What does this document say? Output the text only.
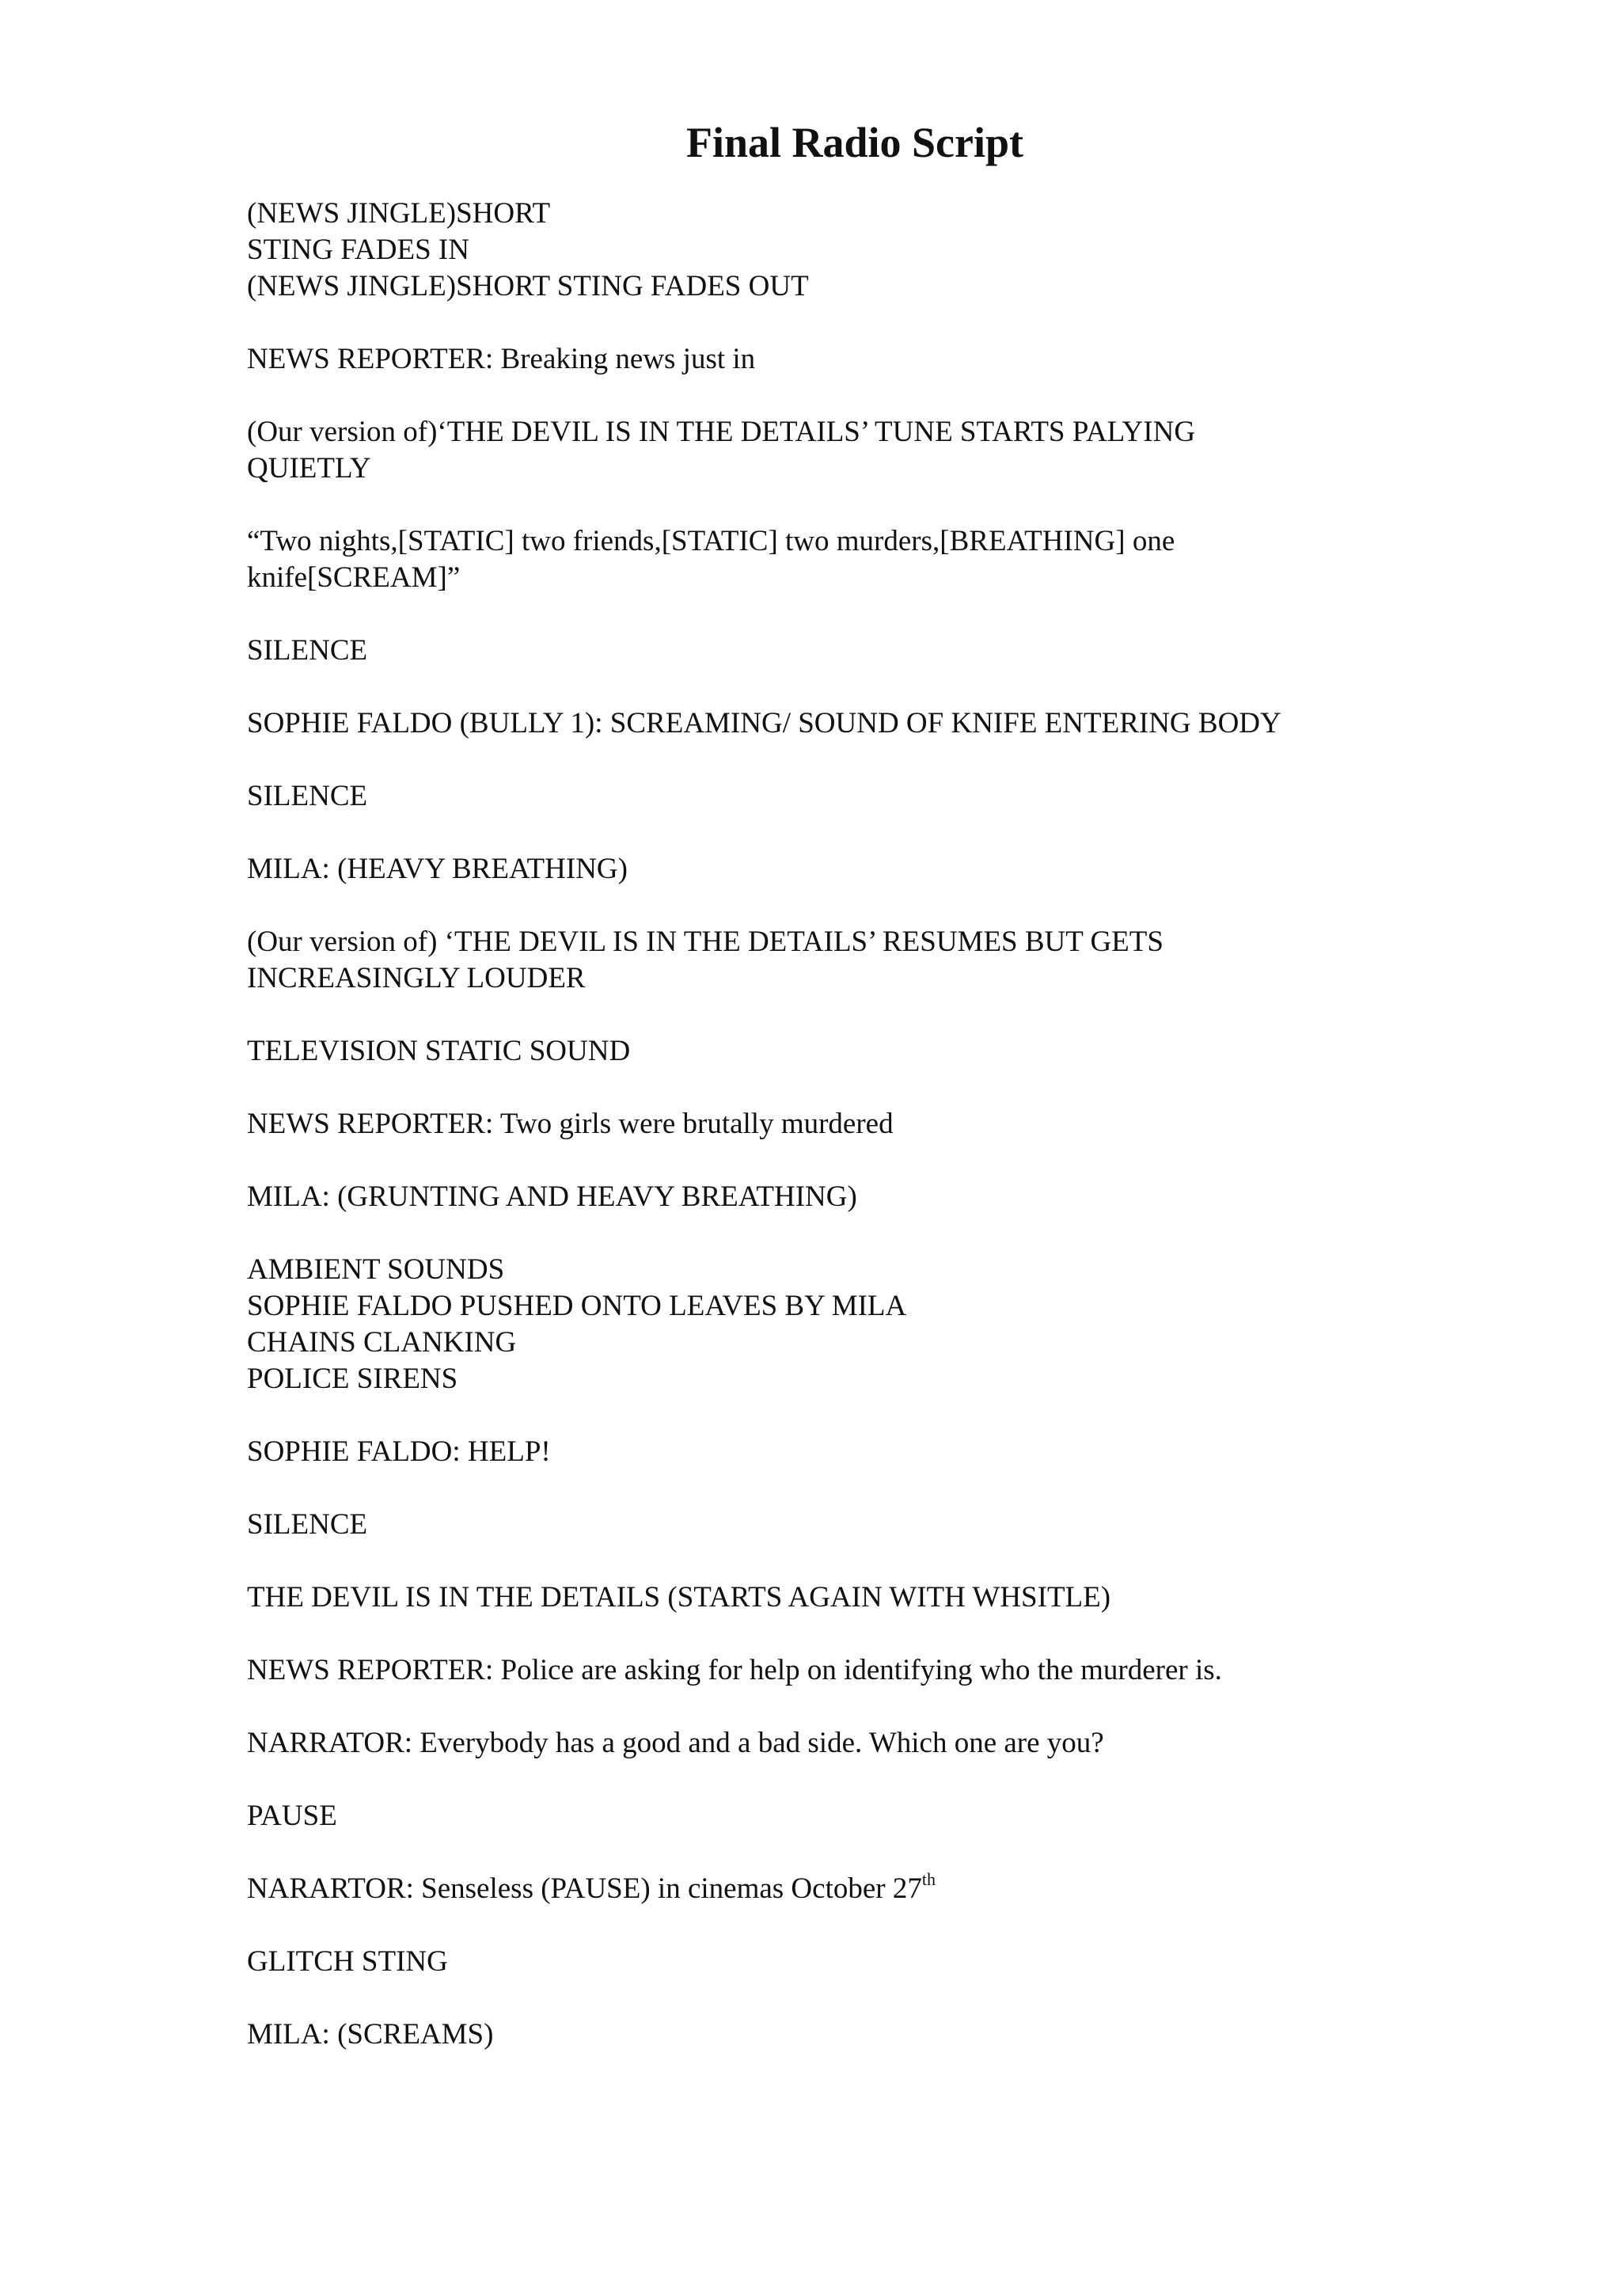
Final Radio Script

(NEWS JINGLE)SHORT

STING FADES IN

(NEWS JINGLE)SHORT STING FADES OUT

NEWS REPORTER: Breaking news just in

(Our version of)‘THE DEVIL IS IN THE DETAILS’ TUNE STARTS PALYING

QUIETLY

“Two nights,[STATIC] two friends,[STATIC] two murders,[BREATHING] one

knife[SCREAM]”

SILENCE

SOPHIE FALDO (BULLY 1): SCREAMING/ SOUND OF KNIFE ENTERING BODY

SILENCE

MILA: (HEAVY BREATHING)

(Our version of) ‘THE DEVIL IS IN THE DETAILS’ RESUMES BUT GETS

INCREASINGLY LOUDER

TELEVISION STATIC SOUND

NEWS REPORTER: Two girls were brutally murdered

MILA: (GRUNTING AND HEAVY BREATHING)

AMBIENT SOUNDS

SOPHIE FALDO PUSHED ONTO LEAVES BY MILA

CHAINS CLANKING

POLICE SIRENS

SOPHIE FALDO: HELP!

SILENCE

THE DEVIL IS IN THE DETAILS (STARTS AGAIN WITH WHSITLE)

NEWS REPORTER: Police are asking for help on identifying who the murderer is.

NARRATOR: Everybody has a good and a bad side. Which one are you?

PAUSE

NARARTOR: Senseless (PAUSE) in cinemas October 27th

GLITCH STING

MILA: (SCREAMS)
